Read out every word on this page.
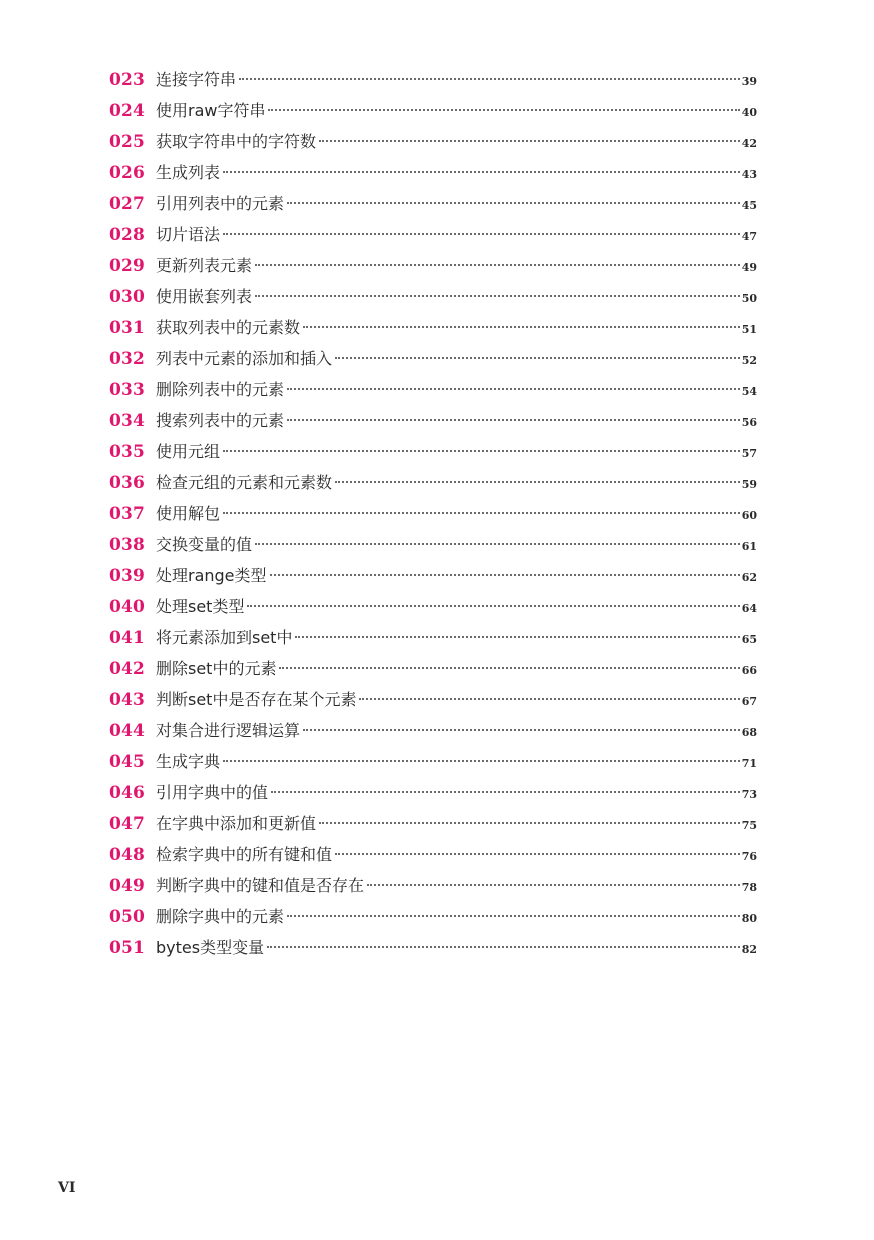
023 连接字符串	39
024 使用raw字符串	40
025 获取字符串中的字符数	42
026 生成列表	43
027 引用列表中的元素	45
028 切片语法	47
029 更新列表元素	49
030 使用嵌套列表	50
031 获取列表中的元素数	51
032 列表中元素的添加和插入	52
033 删除列表中的元素	54
034 搜索列表中的元素	56
035 使用元组	57
036 检查元组的元素和元素数	59
037 使用解包	60
038 交换变量的值	61
039 处理range类型	62
040 处理set类型	64
041 将元素添加到set中	65
042 删除set中的元素	66
043 判断set中是否存在某个元素	67
044 对集合进行逻辑运算	68
045 生成字典	71
046 引用字典中的值	73
047 在字典中添加和更新值	75
048 检索字典中的所有键和值	76
049 判断字典中的键和值是否存在	78
050 删除字典中的元素	80
051 bytes类型变量	82
VI
